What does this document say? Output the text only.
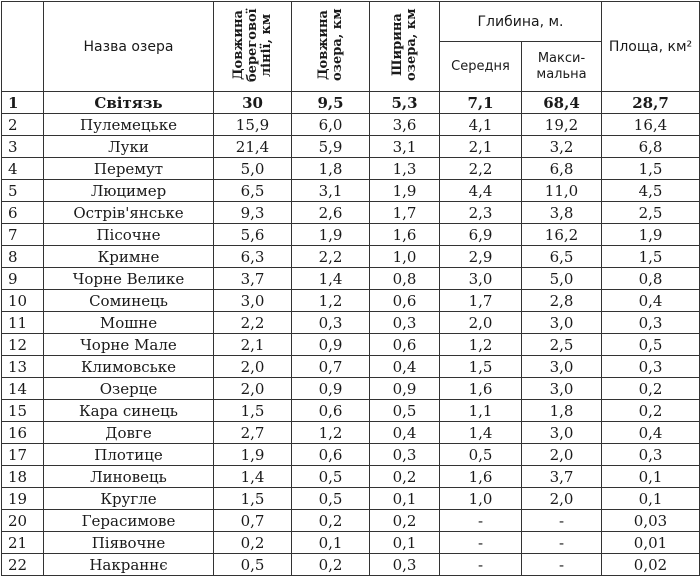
	Назва озера	Довжина берегової лінії, км	Довжина озера, км	Ширина озера, км	Глибина, м.		Площа, км²
					Середня	Макси-мальна	
1	Світязь	30	9,5	5,3	7,1	68,4	28,7
2	Пулемецьке	15,9	6,0	3,6	4,1	19,2	16,4
3	Луки	21,4	5,9	3,1	2,1	3,2	6,8
4	Перемут	5,0	1,8	1,3	2,2	6,8	1,5
5	Люцимер	6,5	3,1	1,9	4,4	11,0	4,5
6	Острів'янське	9,3	2,6	1,7	2,3	3,8	2,5
7	Пісочне	5,6	1,9	1,6	6,9	16,2	1,9
8	Кримне	6,3	2,2	1,0	2,9	6,5	1,5
9	Чорне Велике	3,7	1,4	0,8	3,0	5,0	0,8
10	Соминець	3,0	1,2	0,6	1,7	2,8	0,4
11	Мошне	2,2	0,3	0,3	2,0	3,0	0,3
12	Чорне Мале	2,1	0,9	0,6	1,2	2,5	0,5
13	Климовське	2,0	0,7	0,4	1,5	3,0	0,3
14	Озерце	2,0	0,9	0,9	1,6	3,0	0,2
15	Кара синець	1,5	0,6	0,5	1,1	1,8	0,2
16	Довге	2,7	1,2	0,4	1,4	3,0	0,4
17	Плотице	1,9	0,6	0,3	0,5	2,0	0,3
18	Линовець	1,4	0,5	0,2	1,6	3,7	0,1
19	Кругле	1,5	0,5	0,1	1,0	2,0	0,1
20	Герасимове	0,7	0,2	0,2	-	-	0,03
21	Піявочне	0,2	0,1	0,1	-	-	0,01
22	Накраннє	0,5	0,2	0,3	-	-	0,02
